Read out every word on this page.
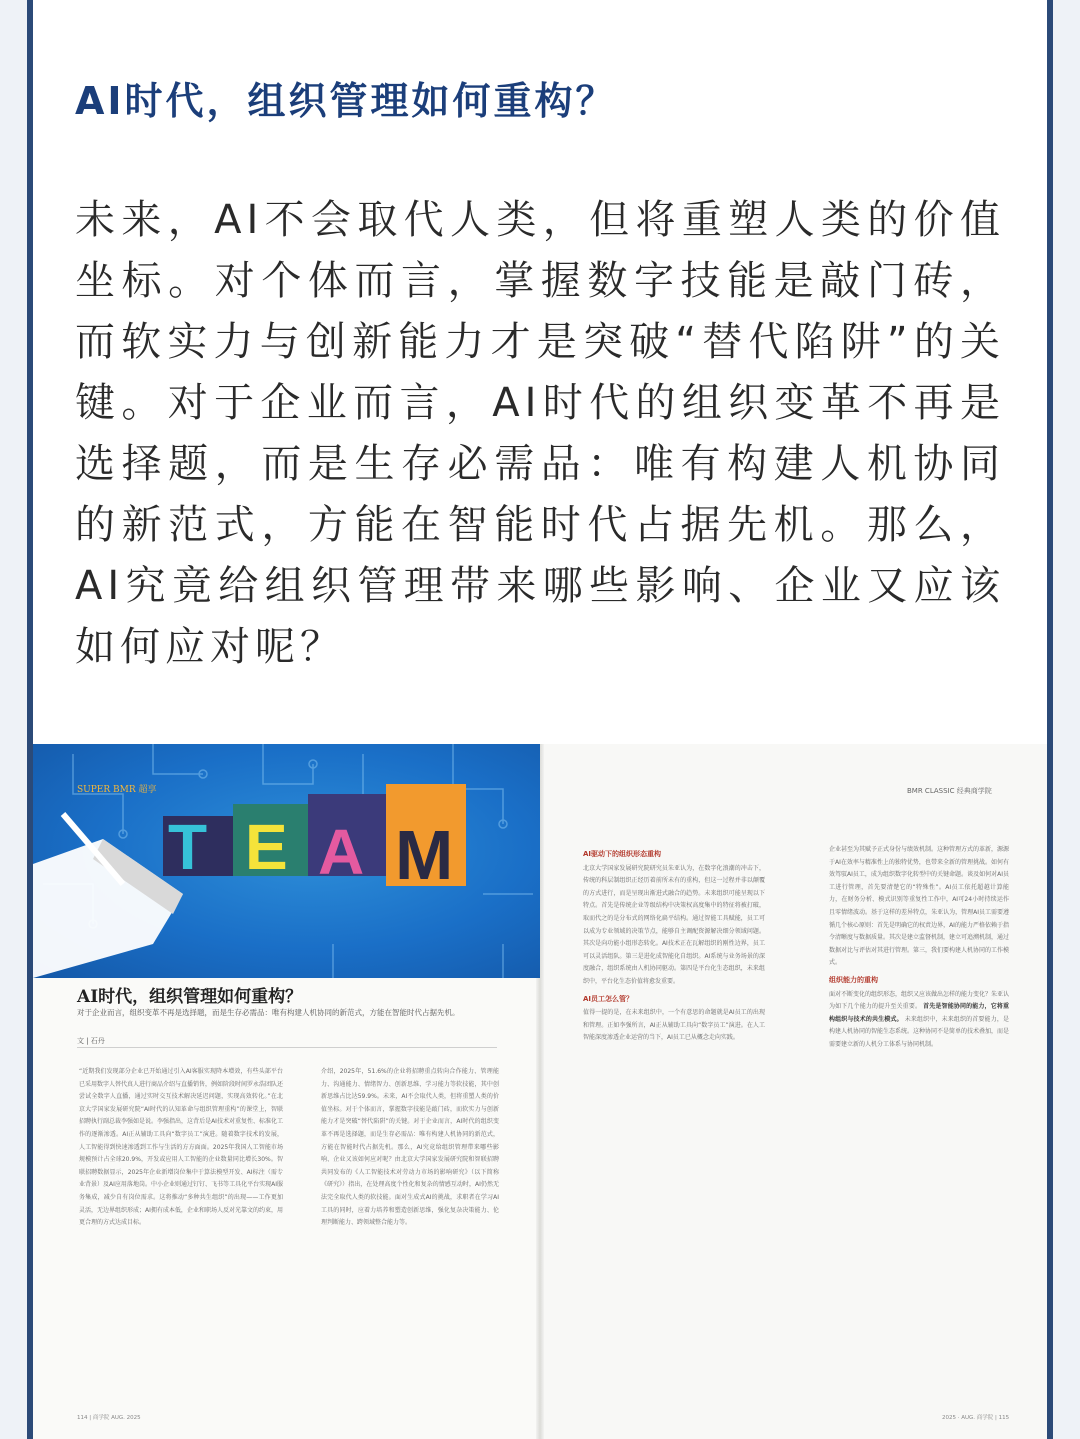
AI时代，组织管理如何重构？

未来，AI不会取代人类，但将重塑人类的价值坐标。对个体而言，掌握数字技能是敲门砖，而软实力与创新能力才是突破“替代陷阱”的关键。对于企业而言，AI时代的组织变革不再是选择题，而是生存必需品：唯有构建人机协同的新范式，方能在智能时代占据先机。那么，AI究竟给组织管理带来哪些影响、企业又应该如何应对呢？

T E A M
SUPER BMR 超享
AI时代，组织管理如何重构？

对于企业而言，组织变革不再是选择题，而是生存必需品：唯有构建人机协同的新范式，方能在智能时代占据先机。

文 | 石丹

“近期我们发现部分企业已开始通过引入AI客服实现降本增效，有些头部平台已采用数字人替代真人进行商品介绍与直播销售，例如阶段时间罗永浩团队还尝试全数字人直播，通过实时交互技术解决延迟问题，实现高效转化。”在北京大学国家发展研究院“AI时代的认知革命与组织管理重构”的课堂上，智联招聘执行副总裁李强如是说。李强指出，这背后是AI技术对重复性、标准化工作的逐渐渗透。AI正从辅助工具向“数字员工”演进。随着数字技术的发展，人工智能得到快速渗透到工作与生活的方方面面。2025年我国人工智能市场规模预计占全球20.9%，开发或应用人工智能的企业数量同比增长30%。智联招聘数据显示，2025年企业新增岗位集中于算法模型开发、AI标注（需专业背景）及AI应用落地岗。中小企业则通过钉钉、飞书等工具化平台实现AI服务集成，减少自有岗位需求。这将推动“多种共生组织”的出现——工作更加灵活，无边界组织形成；AI拥有成本低，企业和职场人反对光靠文的约束，用更合理的方式达成目标。

介绍，2025年，51.6%的企业将招聘重点转向合作能力、管理能力、沟通能力、情绪智力、创新思维、学习能力等软技能，其中创新思维占比达59.9%。未来，AI不会取代人类，但将重塑人类的价值坐标。对于个体而言，掌握数字技能是敲门砖，而软实力与创新能力才是突破“替代陷阱”的关键。对于企业而言，AI时代的组织变革不再是选择题，而是生存必需品：唯有构建人机协同的新范式，方能在智能时代占据先机。那么，AI究竟给组织管理带来哪些影响、企业又该如何应对呢？由北京大学国家发展研究院和智联招聘共同发布的《人工智能技术对劳动力市场的影响研究》（以下简称《研究》）指出，在处理高度个性化和复杂的情感互动时，AI仍然无法完全取代人类的软技能。面对生成式AI的挑战，求职者在学习AI工具的同时，应着力培养和塑造创新思维，强化复杂决策能力、伦理判断能力、跨领域整合能力等。

BMR CLASSIC 经典商学院
AI驱动下的组织形态重构
北京大学国家发展研究院研究员朱亚认为，在数字化浪潮的冲击下，传统的科层制组织正经历着前所未有的重构，但这一过程并非以颠覆的方式进行，而是呈现出渐进式融合的趋势。未来组织可能呈现以下特点。首先是传统企业等级结构中决策权高度集中的特征将被打破，取而代之的是分布式的网络化扁平结构。通过智能工具赋能，员工可以成为专业领域的决策节点，能够自主调配资源解决细分领域问题。其次是向功能小组形态转化。AI技术正在瓦解组织的刚性边界，员工可以灵活组队。第三是进化成智能化自组织。AI系统与业务场景的深度融合，组织系统由人机协同驱动。第四是平台化生态组织，未来组织中，平台化生态价值将愈发重要。
AI员工怎么管？
值得一提的是，在未来组织中，一个有意思的命题就是AI员工的出现和管理。正如李强所言，AI正从辅助工具向“数字员工”演进。在人工智能深度渗透企业运营的当下，AI员工已从概念走向实践。
企业甚至为其赋予正式身份与绩效机制。这种管理方式的革新，源源于AI在效率与精准性上的独特优势，也带来全新的管理挑战。如何有效驾驭AI员工，成为组织数字化转型中的关键命题。谈及如何对AI员工进行管理，首先要清楚它的“特殊性”。AI员工依托超越计算能力，在财务分析、模式识别等重复性工作中，AI可24小时持续运作且零情绪波动。基于这样的差异特点，朱亚认为，管理AI员工需要遵循几个核心原则：首先是明确它的权责边界，AI的能力严格依赖于指令清晰度与数据质量。其次是建立监督机制，建立可追溯机制，通过数据对比与评估对其进行管理。第三，我们要构建人机协同的工作模式。
组织能力的重构
面对不断变化的组织形态，组织又应该做出怎样的能力变化？朱亚认为如下几个能力的提升至关重要。 首先是智能协同的能力，它将重构组织与技术的共生模式。 未来组织中，未来组织的首要能力，是构建人机协同的智能生态系统。这种协同不是简单的技术叠加，而是需要建立新的人机分工体系与协同机制。
114 | 商学院 AUG. 2025	2025 · AUG. 商学院 | 115
